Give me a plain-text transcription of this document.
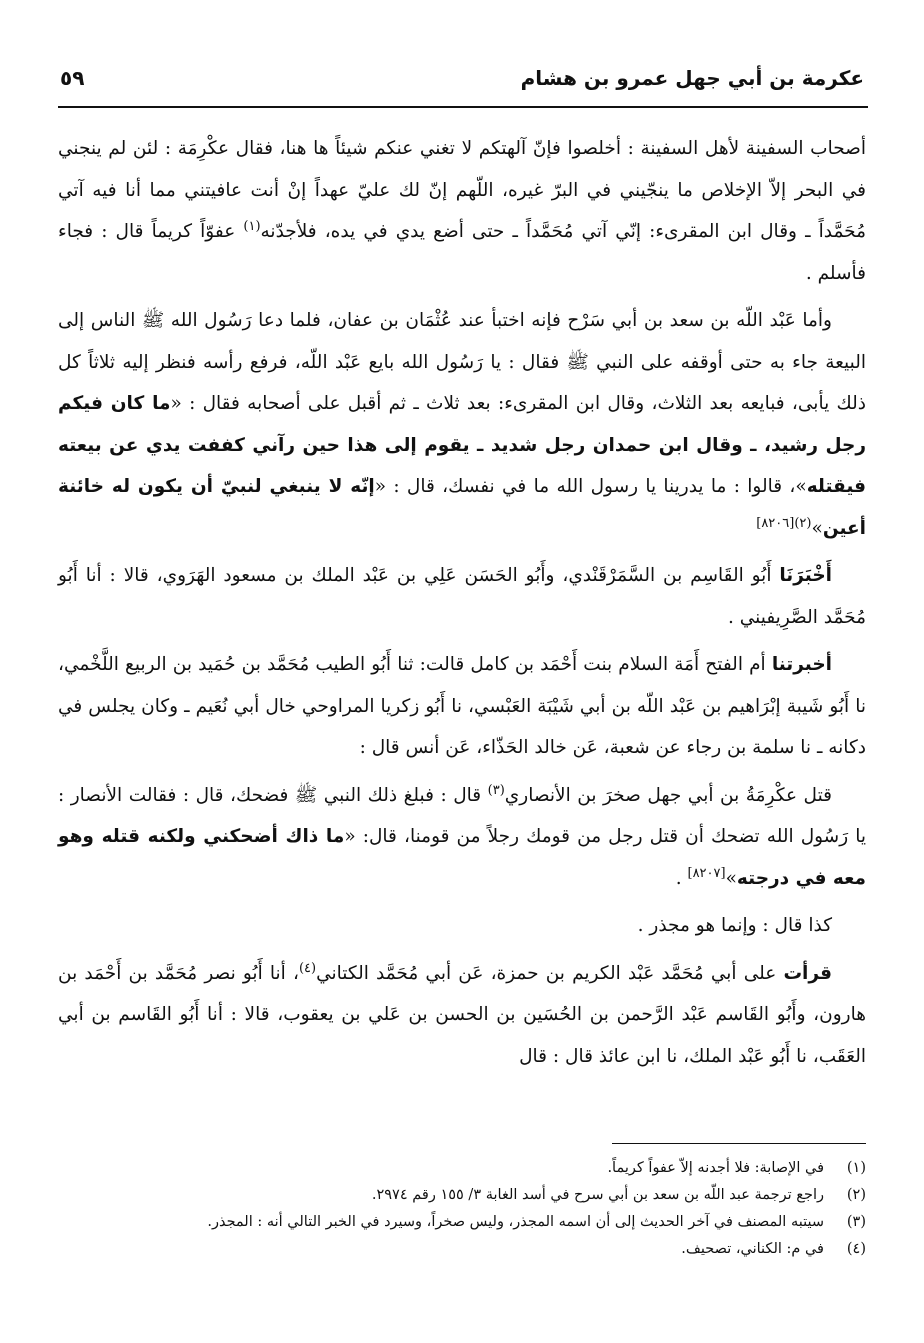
عكرمة بن أبي جهل عمرو بن هشام
٥٩

أصحاب السفينة لأهل السفينة : أخلصوا فإنّ آلهتكم لا تغني عنكم شيئاً ها هنا، فقال عكْرِمَة : لئن لم ينجني في البحر إلاّ الإخلاص ما ينجّيني في البرّ غيره، اللّهم إنّ لك عليّ عهداً إنْ أنت عافيتني مما أنا فيه آتي مُحَمَّداً ـ وقال ابن المقرىء: إنّي آتي مُحَمَّداً ـ حتى أضع يدي في يده، فلأجدّنه$^{(١)}$ عفوّاً كريماً قال : فجاء فأسلم .

وأما عَبْد اللّه بن سعد بن أبي سَرْح فإنه اختبأ عند عُثْمَان بن عفان، فلما دعا رَسُول الله ﷺ الناس إلى البيعة جاء به حتى أوقفه على النبي ﷺ فقال : يا رَسُول الله بايع عَبْد اللّه، فرفع رأسه فنظر إليه ثلاثاً كل ذلك يأبى، فبايعه بعد الثلاث، وقال ابن المقرىء: بعد ثلاث ـ ثم أقبل على أصحابه فقال : «ما كان فيكم رجل رشيد، ـ وقال ابن حمدان رجل شديد ـ يقوم إلى هذا حين رآني كففت يدي عن بيعته فيقتله»، قالوا : ما يدرينا يا رسول الله ما في نفسك، قال : «إنّه لا ينبغي لنبيّ أن يكون له خائنة أعين»$^{(٢)[٨٢٠٦]}$

أَخْبَرَنَا أَبُو القَاسِم بن السَّمَرْقَنْدي، وأَبُو الحَسَن عَلِي بن عَبْد الملك بن مسعود الهَرَوي، قالا : أنا أَبُو مُحَمَّد الصَّرِيفيني .

أخبرتنا أم الفتح أَمَة السلام بنت أَحْمَد بن كامل قالت: ثنا أَبُو الطيب مُحَمَّد بن حُمَيد بن الربيع اللَّخْمي، نا أَبُو شَيبة إبْرَاهيم بن عَبْد اللّه بن أبي شَيْبَة العَبْسي، نا أَبُو زكريا المراوحي خال أبي نُعَيم ـ وكان يجلس في دكانه ـ نا سلمة بن رجاء عن شعبة، عَن خالد الحَذّاء، عَن أنس قال :

قتل عكْرِمَةُ بن أبي جهل صخرَ بن الأنصاري$^{(٣)}$ قال : فبلغ ذلك النبي ﷺ فضحك، قال : فقالت الأنصار : يا رَسُول الله تضحك أن قتل رجل من قومك رجلاً من قومنا، قال: «ما ذاك أضحكني ولكنه قتله وهو معه في درجته»[٨٢٠٧] .

كذا قال : وإنما هو مجذر .

قرأت على أبي مُحَمَّد عَبْد الكريم بن حمزة، عَن أبي مُحَمَّد الكتاني$^{(٤)}$، أنا أَبُو نصر مُحَمَّد بن أَحْمَد بن هارون، وأَبُو القَاسم عَبْد الرَّحمن بن الحُسَين بن الحسن بن عَلي بن يعقوب، قالا : أنا أَبُو القَاسم بن أبي العَقَب، نا أَبُو عَبْد الملك، نا ابن عائذ قال : قال

(١)
في الإصابة: فلا أجدنه إلاّ عفواً كريماً.
(٢)
راجع ترجمة عبد اللّه بن سعد بن أبي سرح في أسد الغابة ٣/ ١٥٥ رقم ٢٩٧٤.
(٣)
سيتبه المصنف في آخر الحديث إلى أن اسمه المجذر، وليس صخراً، وسيرد في الخبر التالي أنه : المجذر.
(٤)
في م: الكناني، تصحيف.
